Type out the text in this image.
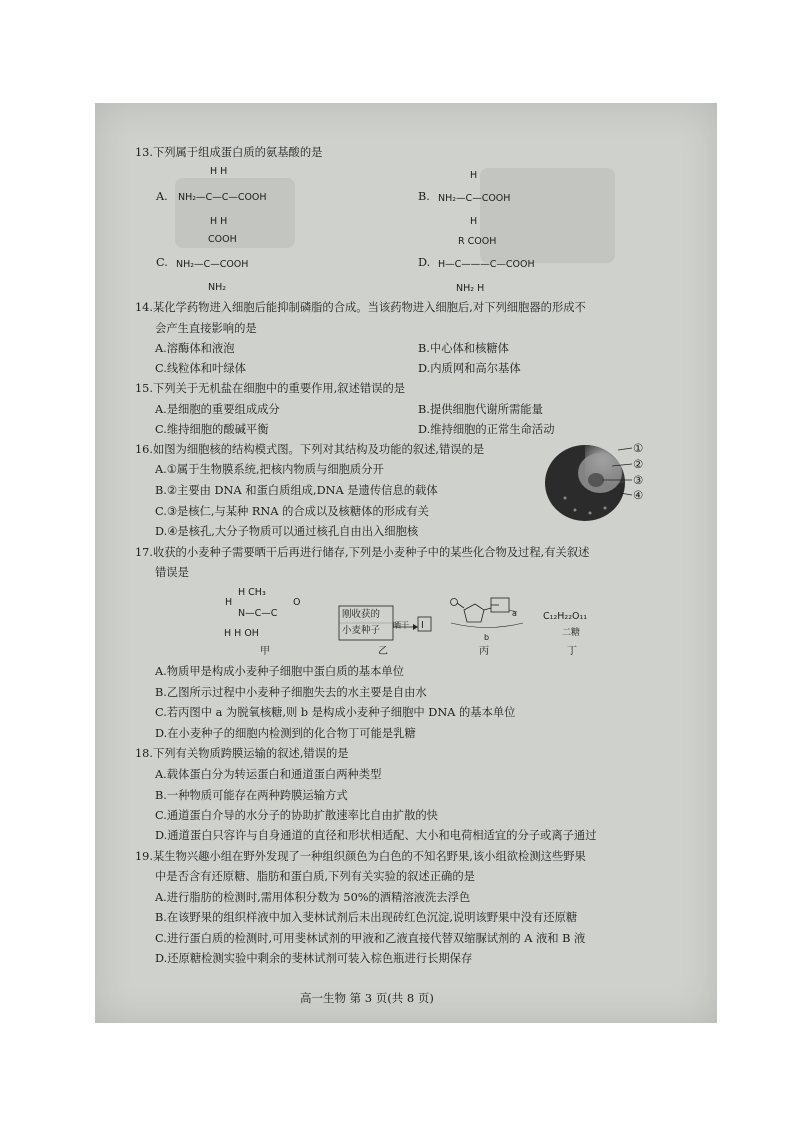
13.下列属于组成蛋白质的氨基酸的是
A.
H H
NH₂—C—C—COOH
H H
B.
H
NH₂—C—COOH
H
C.
COOH
NH₂—C—COOH
NH₂
D.
R COOH
H—C———C—COOH
NH₂ H
14.某化学药物进入细胞后能抑制磷脂的合成。当该药物进入细胞后,对下列细胞器的形成不
会产生直接影响的是
A.溶酶体和液泡	B.中心体和核糖体
C.线粒体和叶绿体	D.内质网和高尔基体
15.下列关于无机盐在细胞中的重要作用,叙述错误的是
A.是细胞的重要组成成分	B.提供细胞代谢所需能量
C.维持细胞的酸碱平衡	D.维持细胞的正常生命活动
16.如图为细胞核的结构模式图。下列对其结构及功能的叙述,错误的是
A.①属于生物膜系统,把核内物质与细胞质分开
B.②主要由 DNA 和蛋白质组成,DNA 是遗传信息的载体
C.③是核仁,与某种 RNA 的合成以及核糖体的形成有关
D.④是核孔,大分子物质可以通过核孔自由出入细胞核
①
②
③
④
17.收获的小麦种子需要晒干后再进行储存,下列是小麦种子中的某些化合物及过程,有关叙述
错误是
H CH₃
N—C—C
O
H
H H OH
甲
刚收获的
小麦种子 晒干 Ⅰ
乙
a
b
丙
C₁₂H₂₂O₁₁
二糖
丁
A.物质甲是构成小麦种子细胞中蛋白质的基本单位
B.乙图所示过程中小麦种子细胞失去的水主要是自由水
C.若丙图中 a 为脱氧核糖,则 b 是构成小麦种子细胞中 DNA 的基本单位
D.在小麦种子的细胞内检测到的化合物丁可能是乳糖
18.下列有关物质跨膜运输的叙述,错误的是
A.载体蛋白分为转运蛋白和通道蛋白两种类型
B.一种物质可能存在两种跨膜运输方式
C.通道蛋白介导的水分子的协助扩散速率比自由扩散的快
D.通道蛋白只容许与自身通道的直径和形状相适配、大小和电荷相适宜的分子或离子通过
19.某生物兴趣小组在野外发现了一种组织颜色为白色的不知名野果,该小组欲检测这些野果
中是否含有还原糖、脂肪和蛋白质,下列有关实验的叙述正确的是
A.进行脂肪的检测时,需用体积分数为 50%的酒精溶液洗去浮色
B.在该野果的组织样液中加入斐林试剂后未出现砖红色沉淀,说明该野果中没有还原糖
C.进行蛋白质的检测时,可用斐林试剂的甲液和乙液直接代替双缩脲试剂的 A 液和 B 液
D.还原糖检测实验中剩余的斐林试剂可装入棕色瓶进行长期保存
高一生物 第 3 页(共 8 页)
